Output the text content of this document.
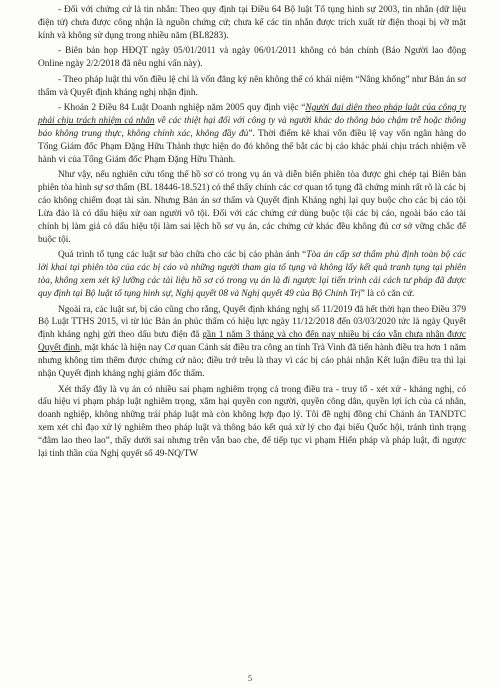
- Đối với chứng cứ là tin nhắn: Theo quy định tại Điều 64 Bộ luật Tố tụng hình sự 2003, tin nhắn (dữ liệu điện tử) chưa được công nhận là nguồn chứng cứ; chưa kể các tin nhắn được trích xuất từ điện thoại bị vỡ mặt kính và không sử dụng trong nhiều năm (BL8283).

- Biên bản họp HĐQT ngày 05/01/2011 và ngày 06/01/2011 không có bản chính (Báo Người lao động Online ngày 2/2/2018 đã nêu nghi vấn này).

- Theo pháp luật thì vốn điều lệ chỉ là vốn đăng ký nên không thể có khái niệm “Nâng khống” như Bản án sơ thẩm và Quyết định kháng nghị nhận định.

- Khoản 2 Điều 84 Luật Doanh nghiệp năm 2005 quy định việc “Người đại diện theo pháp luật của công ty phải chịu trách nhiệm cá nhân về các thiệt hại đối với công ty và người khác do thông báo chậm trễ hoặc thông báo không trung thực, không chính xác, không đầy đủ”. Thời điểm kê khai vốn điều lệ vay vốn ngân hàng do Tổng Giám đốc Phạm Đặng Hữu Thành thực hiện do đó không thể bắt các bị cáo khác phải chịu trách nhiệm về hành vi của Tổng Giám đốc Phạm Đặng Hữu Thành.

Như vậy, nếu nghiên cứu tổng thể hồ sơ có trong vụ án và diễn biến phiên tòa được ghi chép tại Biên bản phiên tòa hình sự sơ thẩm (BL 18446-18.521) có thể thấy chính các cơ quan tố tụng đã chứng minh rất rõ là các bị cáo không chiếm đoạt tài sản. Nhưng Bản án sơ thẩm và Quyết định Kháng nghị lại quy buộc cho các bị cáo tội Lừa đảo là có dấu hiệu xử oan người vô tội. Đối với các chứng cứ dùng buộc tội các bị cáo, ngoài báo cáo tài chính bị làm giả có dấu hiệu tội làm sai lệch hồ sơ vụ án, các chứng cứ khác đều không đủ cơ sở vững chắc để buộc tội.

Quá trình tố tụng các luật sư bào chữa cho các bị cáo phản ánh “Tòa án cấp sơ thẩm phủ định toàn bộ các lời khai tại phiên tòa của các bị cáo và những người tham gia tố tụng và không lấy kết quả tranh tụng tại phiên tòa, không xem xét kỹ lưỡng các tài liệu hồ sơ có trong vụ án là đi ngược lại tiến trình cải cách tư pháp đã được quy định tại Bộ luật tố tụng hình sự, Nghị quyết 08 và Nghị quyết 49 của Bộ Chính Trị” là có căn cứ.

Ngoài ra, các luật sư, bị cáo cũng cho rằng, Quyết định kháng nghị số 11/2019 đã hết thời hạn theo Điều 379 Bộ Luật TTHS 2015, vì từ lúc Bản án phúc thẩm có hiệu lực ngày 11/12/2018 đến 03/03/2020 tức là ngày Quyết định kháng nghị gửi theo dấu bưu điện đã gần 1 năm 3 tháng và cho đến nay nhiều bị cáo vẫn chưa nhận được Quyết định, mặt khác là hiện nay Cơ quan Cảnh sát điều tra công an tỉnh Trà Vinh đã tiến hành điều tra hơn 1 năm nhưng không tìm thêm được chứng cứ nào; điều trớ trêu là thay vì các bị cáo phải nhận Kết luận điều tra thì lại nhận Quyết định kháng nghị giám đốc thẩm.

Xét thấy đây là vụ án có nhiều sai phạm nghiêm trọng cả trong điều tra - truy tố - xét xử - kháng nghị, có dấu hiệu vi phạm pháp luật nghiêm trọng, xâm hại quyền con người, quyền công dân, quyền lợi ích của cá nhân, doanh nghiệp, không những trái pháp luật mà còn không hợp đạo lý. Tôi đề nghị đồng chí Chánh án TANDTC xem xét chỉ đạo xử lý nghiêm theo pháp luật và thông báo kết quả xử lý cho đại biểu Quốc hội, tránh tình trạng “đâm lao theo lao”, thấy dưới sai nhưng trên vẫn bao che, để tiếp tục vi phạm Hiến pháp và pháp luật, đi ngược lại tinh thần của Nghị quyết số 49-NQ/TW

5
